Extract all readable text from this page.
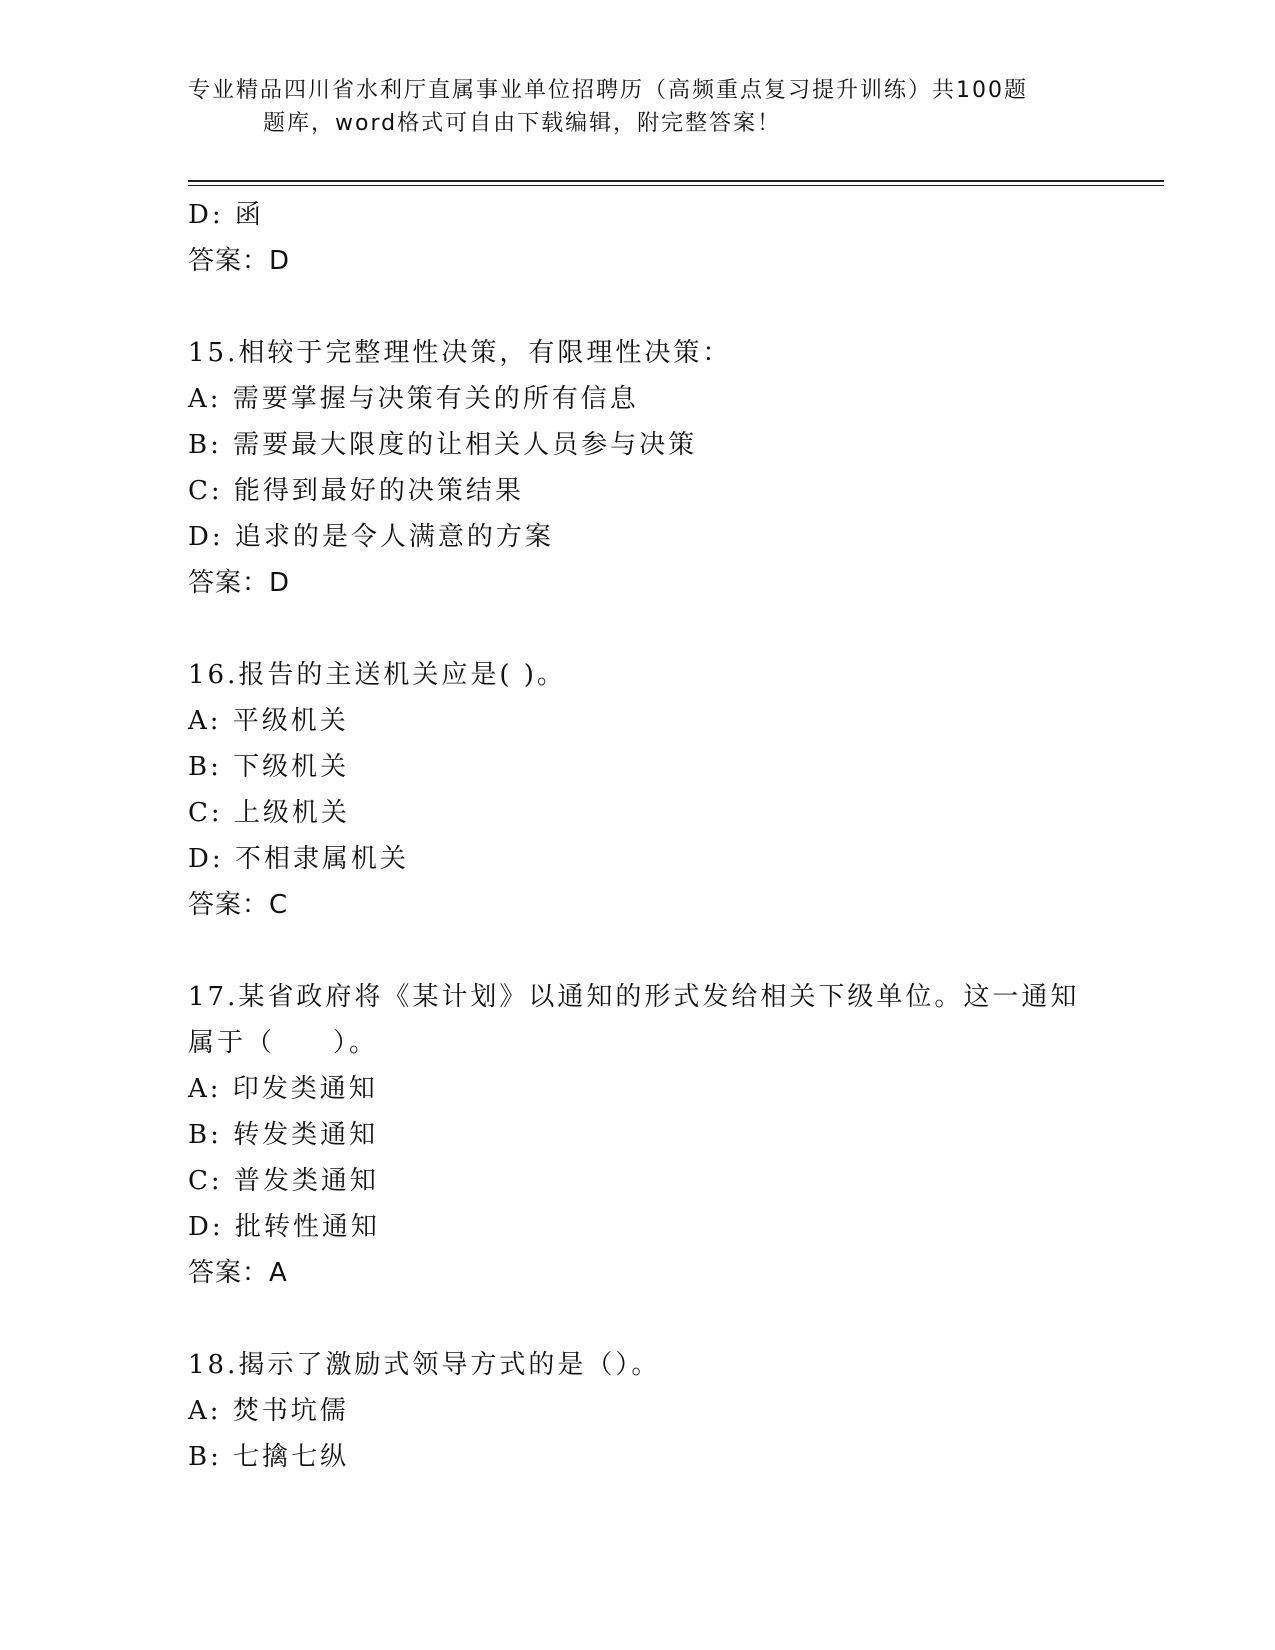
专业精品四川省水利厅直属事业单位招聘历（高频重点复习提升训练）共100题
题库，word格式可自由下载编辑，附完整答案！
D: 函
答案：D
15.相较于完整理性决策，有限理性决策：
A: 需要掌握与决策有关的所有信息
B: 需要最大限度的让相关人员参与决策
C: 能得到最好的决策结果
D: 追求的是令人满意的方案
答案：D
16.报告的主送机关应是( )。
A: 平级机关
B: 下级机关
C: 上级机关
D: 不相隶属机关
答案：C
17.某省政府将《某计划》以通知的形式发给相关下级单位。这一通知
属于（　　）。
A: 印发类通知
B: 转发类通知
C: 普发类通知
D: 批转性通知
答案：A
18.揭示了激励式领导方式的是（）。
A: 焚书坑儒
B: 七擒七纵
